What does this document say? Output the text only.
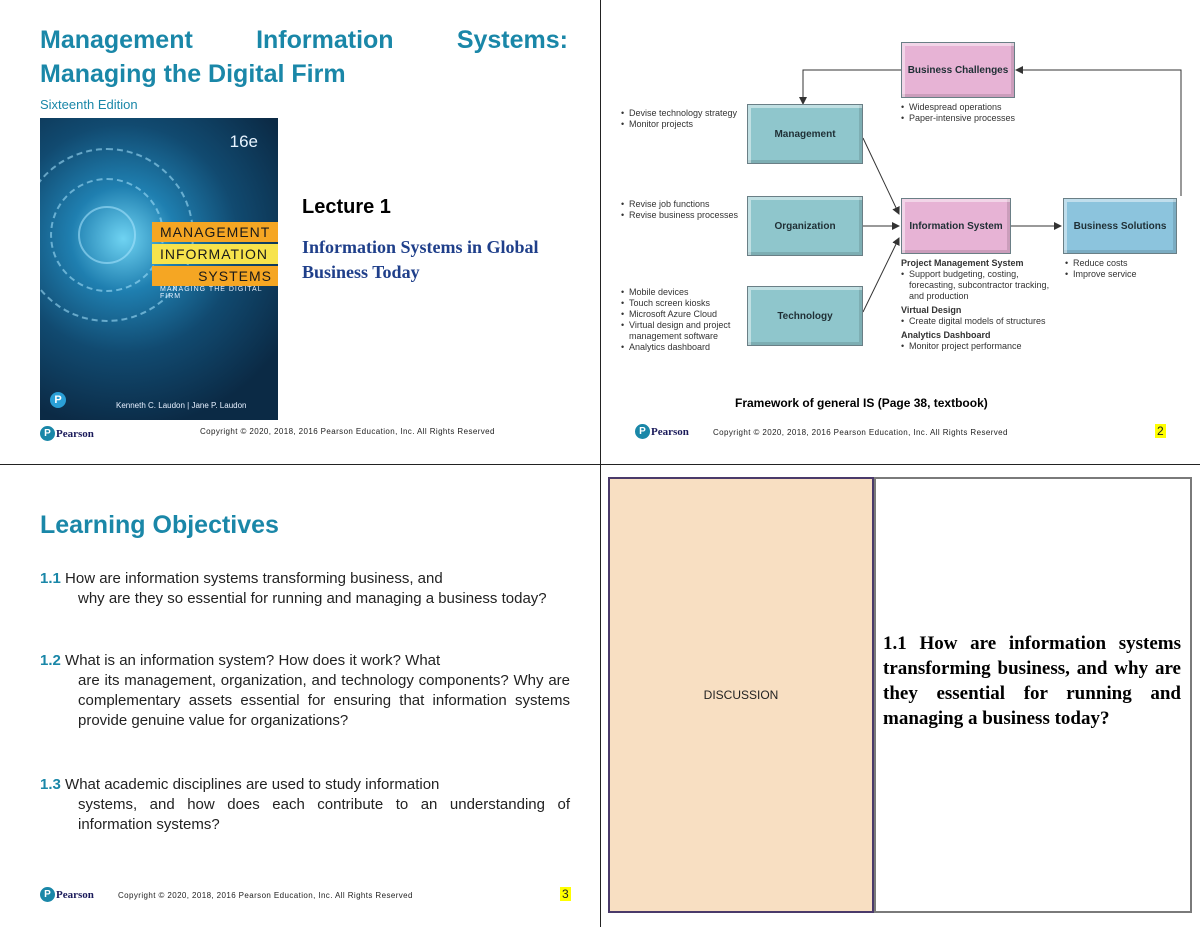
Management Information Systems:
Managing the Digital Firm
Sixteenth Edition
16e
MANAGEMENT
INFORMATION
SYSTEMS
MANAGING THE DIGITAL FIRM
P	Kenneth C. Laudon | Jane P. Laudon
Lecture 1
Information Systems in Global Business Today
P Pearson	Copyright © 2020, 2018, 2016 Pearson Education, Inc. All Rights Reserved
Management
Organization
Technology
Business Challenges
Information System	Business Solutions
• Devise technology strategy
• Monitor projects
• Revise job functions
• Revise business processes
• Mobile devices
• Touch screen kiosks
• Microsoft Azure Cloud
• Virtual design and project management software
• Analytics dashboard
• Widespread operations
• Paper-intensive processes
• Reduce costs
• Improve service
Project Management System
• Support budgeting, costing, forecasting, subcontractor tracking, and production
Virtual Design
• Create digital models of structures
Analytics Dashboard
• Monitor project performance
Framework of general IS (Page 38, textbook)
P Pearson	Copyright © 2020, 2018, 2016 Pearson Education, Inc. All Rights Reserved	2
Learning Objectives
1.1 How are information systems transforming business, and
why are they so essential for running and managing a business today?
1.2 What is an information system? How does it work? What
are its management, organization, and technology components? Why are complementary assets essential for ensuring that information systems provide genuine value for organizations?
1.3 What academic disciplines are used to study information
systems, and how does each contribute to an understanding of information systems?
P Pearson	Copyright © 2020, 2018, 2016 Pearson Education, Inc. All Rights Reserved	3
DISCUSSION
1.1 How are information systems transforming business, and why are they essential for running and managing a business today?
